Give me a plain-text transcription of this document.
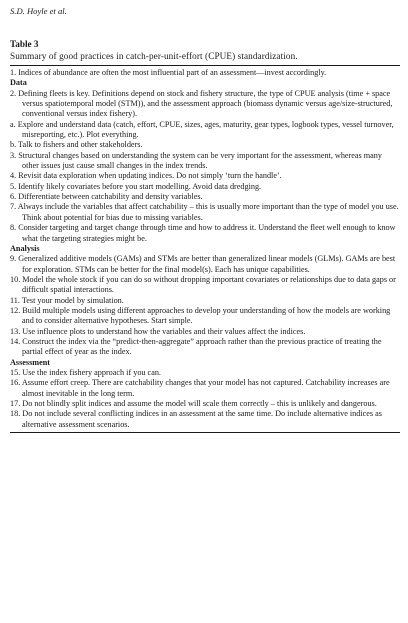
S.D. Hoyle et al.

Table 3

Summary of good practices in catch-per-unit-effort (CPUE) standardization.

1. Indices of abundance are often the most influential part of an assessment—invest accordingly.

Data

2. Defining fleets is key. Definitions depend on stock and fishery structure, the type of CPUE analysis (time + space versus spatiotemporal model (STM)), and the assessment approach (biomass dynamic versus age/size-structured, conventional versus index fishery).

a. Explore and understand data (catch, effort, CPUE, sizes, ages, maturity, gear types, logbook types, vessel turnover, misreporting, etc.). Plot everything.

b. Talk to fishers and other stakeholders.

3. Structural changes based on understanding the system can be very important for the assessment, whereas many other issues just cause small changes in the index trends.

4. Revisit data exploration when updating indices. Do not simply ‘turn the handle’.

5. Identify likely covariates before you start modelling. Avoid data dredging.

6. Differentiate between catchability and density variables.

7. Always include the variables that affect catchability – this is usually more important than the type of model you use. Think about potential for bias due to missing variables.

8. Consider targeting and target change through time and how to address it. Understand the fleet well enough to know what the targeting strategies might be.

Analysis

9. Generalized additive models (GAMs) and STMs are better than generalized linear models (GLMs). GAMs are best for exploration. STMs can be better for the final model(s). Each has unique capabilities.

10. Model the whole stock if you can do so without dropping important covariates or relationships due to data gaps or difficult spatial interactions.

11. Test your model by simulation.

12. Build multiple models using different approaches to develop your understanding of how the models are working and to consider alternative hypotheses. Start simple.

13. Use influence plots to understand how the variables and their values affect the indices.

14. Construct the index via the “predict-then-aggregate” approach rather than the previous practice of treating the partial effect of year as the index.

Assessment

15. Use the index fishery approach if you can.

16. Assume effort creep. There are catchability changes that your model has not captured. Catchability increases are almost inevitable in the long term.

17. Do not blindly split indices and assume the model will scale them correctly – this is unlikely and dangerous.

18. Do not include several conflicting indices in an assessment at the same time. Do include alternative indices as alternative assessment scenarios.
